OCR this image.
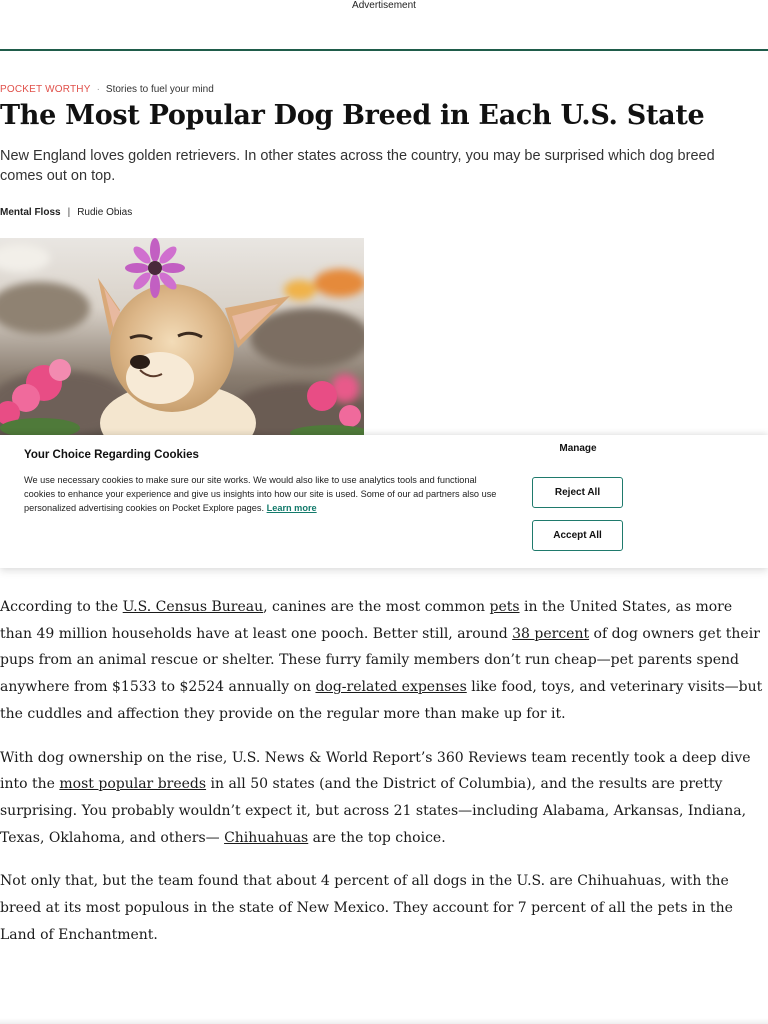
Advertisement
POCKET WORTHY · Stories to fuel your mind
The Most Popular Dog Breed in Each U.S. State

New England loves golden retrievers. In other states across the country, you may be surprised which dog breed comes out on top.

Mental Floss | Rudie Obias
Your Choice Regarding Cookies

We use necessary cookies to make sure our site works. We would also like to use analytics tools and functional cookies to enhance your experience and give us insights into how our site is used. Some of our ad partners also use personalized advertising cookies on Pocket Explore pages. Learn more

Manage
Reject All
Accept All

According to the U.S. Census Bureau, canines are the most common pets in the United States, as more than 49 million households have at least one pooch. Better still, around 38 percent of dog owners get their pups from an animal rescue or shelter. These furry family members don’t run cheap—pet parents spend anywhere from $1533 to $2524 annually on dog-related expenses like food, toys, and veterinary visits—but the cuddles and affection they provide on the regular more than make up for it.

With dog ownership on the rise, U.S. News & World Report’s 360 Reviews team recently took a deep dive into the most popular breeds in all 50 states (and the District of Columbia), and the results are pretty surprising. You probably wouldn’t expect it, but across 21 states—including Alabama, Arkansas, Indiana, Texas, Oklahoma, and others— Chihuahuas are the top choice.

Not only that, but the team found that about 4 percent of all dogs in the U.S. are Chihuahuas, with the breed at its most populous in the state of New Mexico. They account for 7 percent of all the pets in the Land of Enchantment.
